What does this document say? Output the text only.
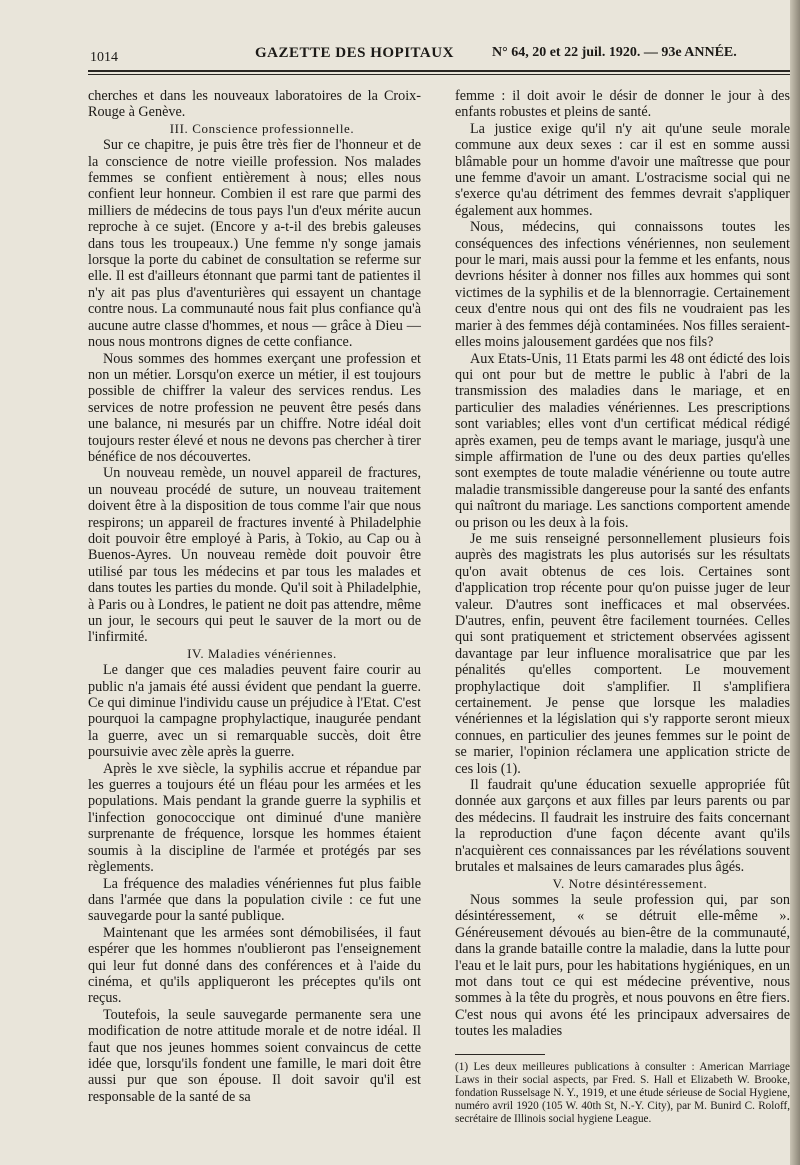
1014	GAZETTE DES HOPITAUX	N° 64, 20 et 22 juil. 1920. — 93e ANNÉE.

cherches et dans les nouveaux laboratoires de la Croix-Rouge à Genève.

III. Conscience professionnelle.

Sur ce chapitre, je puis être très fier de l'honneur et de la conscience de notre vieille profession. Nos malades femmes se confient entièrement à nous; elles nous confient leur honneur. Combien il est rare que parmi des milliers de médecins de tous pays l'un d'eux mérite aucun reproche à ce sujet. (Encore y a-t-il des brebis galeuses dans tous les troupeaux.) Une femme n'y songe jamais lorsque la porte du cabinet de consultation se referme sur elle. Il est d'ailleurs étonnant que parmi tant de patientes il n'y ait pas plus d'aventurières qui essayent un chantage contre nous. La communauté nous fait plus confiance qu'à aucune autre classe d'hommes, et nous — grâce à Dieu — nous nous montrons dignes de cette confiance.

Nous sommes des hommes exerçant une profession et non un métier. Lorsqu'on exerce un métier, il est toujours possible de chiffrer la valeur des services rendus. Les services de notre profession ne peuvent être pesés dans une balance, ni mesurés par un chiffre. Notre idéal doit toujours rester élevé et nous ne devons pas chercher à tirer bénéfice de nos découvertes.

Un nouveau remède, un nouvel appareil de fractures, un nouveau procédé de suture, un nouveau traitement doivent être à la disposition de tous comme l'air que nous respirons; un appareil de fractures inventé à Philadelphie doit pouvoir être employé à Paris, à Tokio, au Cap ou à Buenos-Ayres. Un nouveau remède doit pouvoir être utilisé par tous les médecins et par tous les malades et dans toutes les parties du monde. Qu'il soit à Philadelphie, à Paris ou à Londres, le patient ne doit pas attendre, même un jour, le secours qui peut le sauver de la mort ou de l'infirmité.

IV. Maladies vénériennes.

Le danger que ces maladies peuvent faire courir au public n'a jamais été aussi évident que pendant la guerre. Ce qui diminue l'individu cause un préjudice à l'Etat. C'est pourquoi la campagne prophylactique, inaugurée pendant la guerre, avec un si remarquable succès, doit être poursuivie avec zèle après la guerre.

Après le xve siècle, la syphilis accrue et répandue par les guerres a toujours été un fléau pour les armées et les populations. Mais pendant la grande guerre la syphilis et l'infection gonococcique ont diminué d'une manière surprenante de fréquence, lorsque les hommes étaient soumis à la discipline de l'armée et protégés par ses règlements.

La fréquence des maladies vénériennes fut plus faible dans l'armée que dans la population civile : ce fut une sauvegarde pour la santé publique.

Maintenant que les armées sont démobilisées, il faut espérer que les hommes n'oublieront pas l'enseignement qui leur fut donné dans des conférences et à l'aide du cinéma, et qu'ils appliqueront les préceptes qu'ils ont reçus.

Toutefois, la seule sauvegarde permanente sera une modification de notre attitude morale et de notre idéal. Il faut que nos jeunes hommes soient convaincus de cette idée que, lorsqu'ils fondent une famille, le mari doit être aussi pur que son épouse. Il doit savoir qu'il est responsable de la santé de sa

femme : il doit avoir le désir de donner le jour à des enfants robustes et pleins de santé.

La justice exige qu'il n'y ait qu'une seule morale commune aux deux sexes : car il est en somme aussi blâmable pour un homme d'avoir une maîtresse que pour une femme d'avoir un amant. L'ostracisme social qui ne s'exerce qu'au détriment des femmes devrait s'appliquer également aux hommes.

Nous, médecins, qui connaissons toutes les conséquences des infections vénériennes, non seulement pour le mari, mais aussi pour la femme et les enfants, nous devrions hésiter à donner nos filles aux hommes qui sont victimes de la syphilis et de la blennorragie. Certainement ceux d'entre nous qui ont des fils ne voudraient pas les marier à des femmes déjà contaminées. Nos filles seraient-elles moins jalousement gardées que nos fils?

Aux Etats-Unis, 11 Etats parmi les 48 ont édicté des lois qui ont pour but de mettre le public à l'abri de la transmission des maladies dans le mariage, et en particulier des maladies vénériennes. Les prescriptions sont variables; elles vont d'un certificat médical rédigé après examen, peu de temps avant le mariage, jusqu'à une simple affirmation de l'une ou des deux parties qu'elles sont exemptes de toute maladie vénérienne ou toute autre maladie transmissible dangereuse pour la santé des enfants qui naîtront du mariage. Les sanctions comportent amende ou prison ou les deux à la fois.

Je me suis renseigné personnellement plusieurs fois auprès des magistrats les plus autorisés sur les résultats qu'on avait obtenus de ces lois. Certaines sont d'application trop récente pour qu'on puisse juger de leur valeur. D'autres sont inefficaces et mal observées. D'autres, enfin, peuvent être facilement tournées. Celles qui sont pratiquement et strictement observées agissent davantage par leur influence moralisatrice que par les pénalités qu'elles comportent. Le mouvement prophylactique doit s'amplifier. Il s'amplifiera certainement. Je pense que lorsque les maladies vénériennes et la législation qui s'y rapporte seront mieux connues, en particulier des jeunes femmes sur le point de se marier, l'opinion réclamera une application stricte de ces lois (1).

Il faudrait qu'une éducation sexuelle appropriée fût donnée aux garçons et aux filles par leurs parents ou par des médecins. Il faudrait les instruire des faits concernant la reproduction d'une façon décente avant qu'ils n'acquièrent ces connaissances par les révélations souvent brutales et malsaines de leurs camarades plus âgés.

V. Notre désintéressement.

Nous sommes la seule profession qui, par son désintéressement, « se détruit elle-même ». Généreusement dévoués au bien-être de la communauté, dans la grande bataille contre la maladie, dans la lutte pour l'eau et le lait purs, pour les habitations hygiéniques, en un mot dans tout ce qui est médecine préventive, nous sommes à la tête du progrès, et nous pouvons en être fiers. C'est nous qui avons été les principaux adversaires de toutes les maladies

(1) Les deux meilleures publications à consulter : American Marriage Laws in their social aspects, par Fred. S. Hall et Elizabeth W. Brooke, fondation Russelsage N. Y., 1919, et une étude sérieuse de Social Hygiene, numéro avril 1920 (105 W. 40th St, N.-Y. City), par M. Bunird C. Roloff, secrétaire de Illinois social hygiene League.
